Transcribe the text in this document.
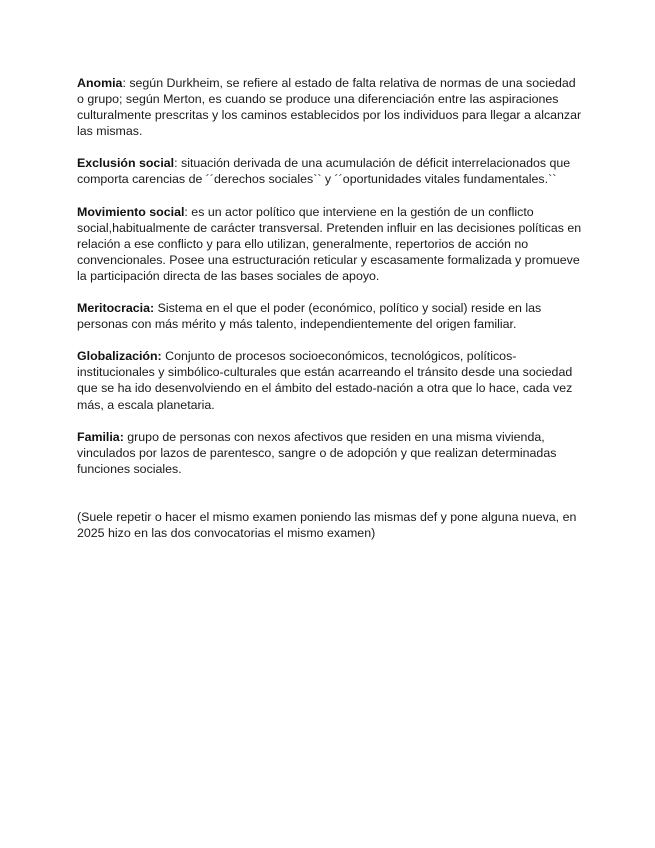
Anomia: según Durkheim, se refiere al estado de falta relativa de normas de una sociedad o grupo; según Merton, es cuando se produce una diferenciación entre las aspiraciones culturalmente prescritas y los caminos establecidos por los individuos para llegar a alcanzar las mismas.

Exclusión social: situación derivada de una acumulación de déficit interrelacionados que comporta carencias de ´´derechos sociales`` y ´´oportunidades vitales fundamentales.``

Movimiento social: es un actor político que interviene en la gestión de un conflicto social,habitualmente de carácter transversal. Pretenden influir en las decisiones políticas en relación a ese conflicto y para ello utilizan, generalmente, repertorios de acción no convencionales. Posee una estructuración reticular y escasamente formalizada y promueve la participación directa de las bases sociales de apoyo.

Meritocracia: Sistema en el que el poder (económico, político y social) reside en las personas con más mérito y más talento, independientemente del origen familiar.

Globalización: Conjunto de procesos socioeconómicos, tecnológicos, políticos-institucionales y simbólico-culturales que están acarreando el tránsito desde una sociedad que se ha ido desenvolviendo en el ámbito del estado-nación a otra que lo hace, cada vez más, a escala planetaria.

Familia: grupo de personas con nexos afectivos que residen en una misma vivienda, vinculados por lazos de parentesco, sangre o de adopción y que realizan determinadas funciones sociales.

(Suele repetir o hacer el mismo examen poniendo las mismas def y pone alguna nueva, en 2025 hizo en las dos convocatorias el mismo examen)
